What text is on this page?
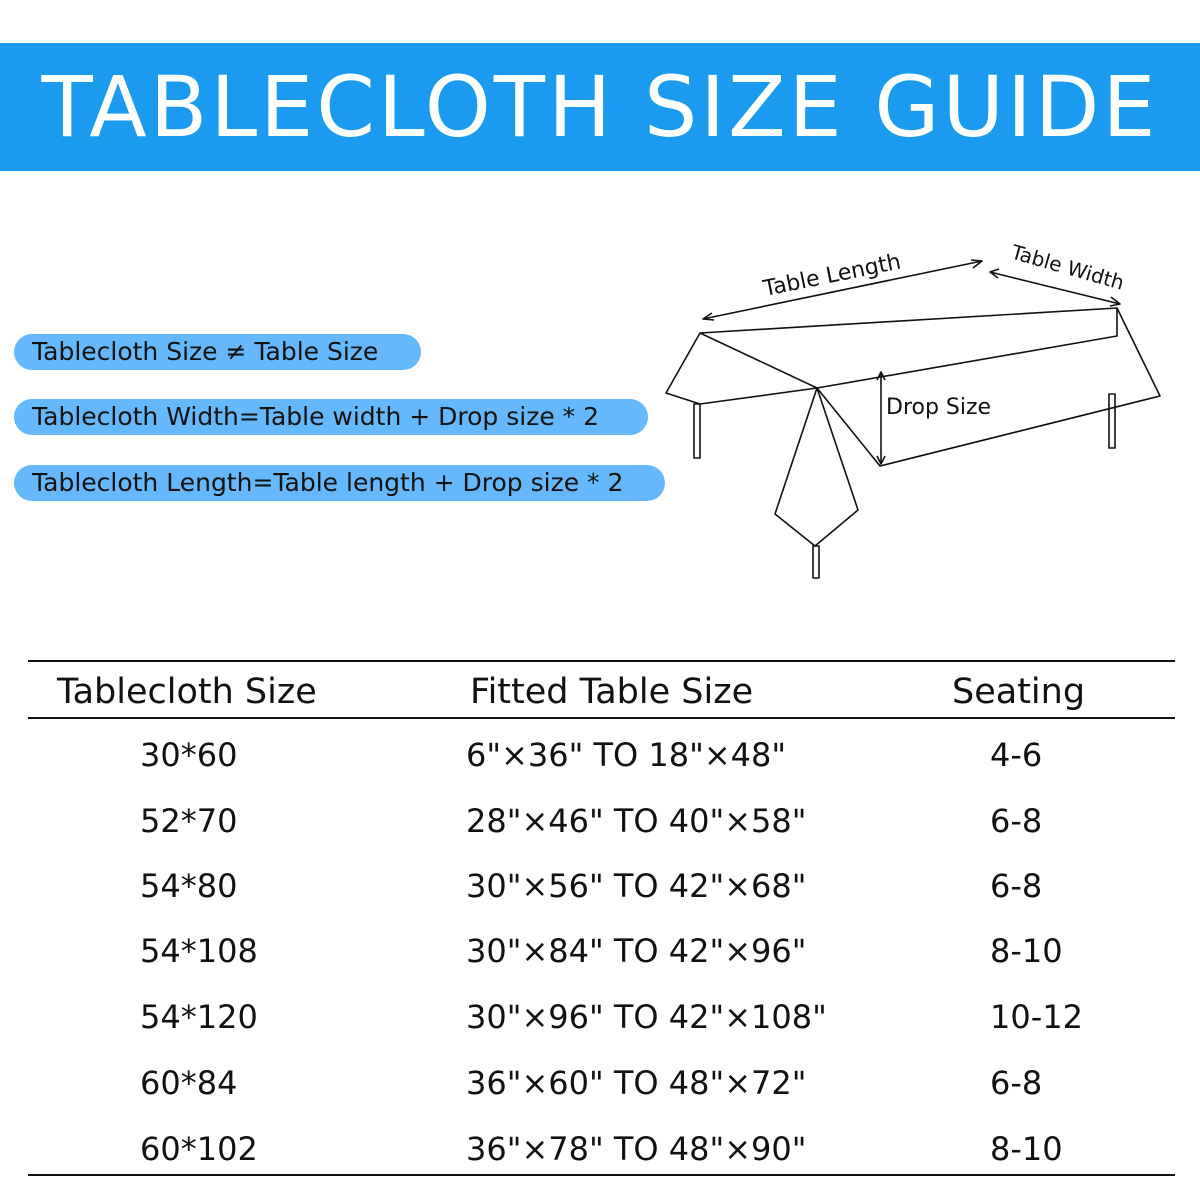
TABLECLOTH SIZE GUIDE
Tablecloth Size ≠ Table Size
Tablecloth Width=Table width + Drop size * 2
Tablecloth Length=Table length + Drop size * 2
Table Length	Table Width
Drop Size
Tablecloth Size	Fitted Table Size	Seating
30*60	6"×36" TO 18"×48"	4-6
52*70	28"×46" TO 40"×58"	6-8
54*80	30"×56" TO 42"×68"	6-8
54*108	30"×84" TO 42"×96"	8-10
54*120	30"×96" TO 42"×108"	10-12
60*84	36"×60" TO 48"×72"	6-8
60*102	36"×78" TO 48"×90"	8-10
